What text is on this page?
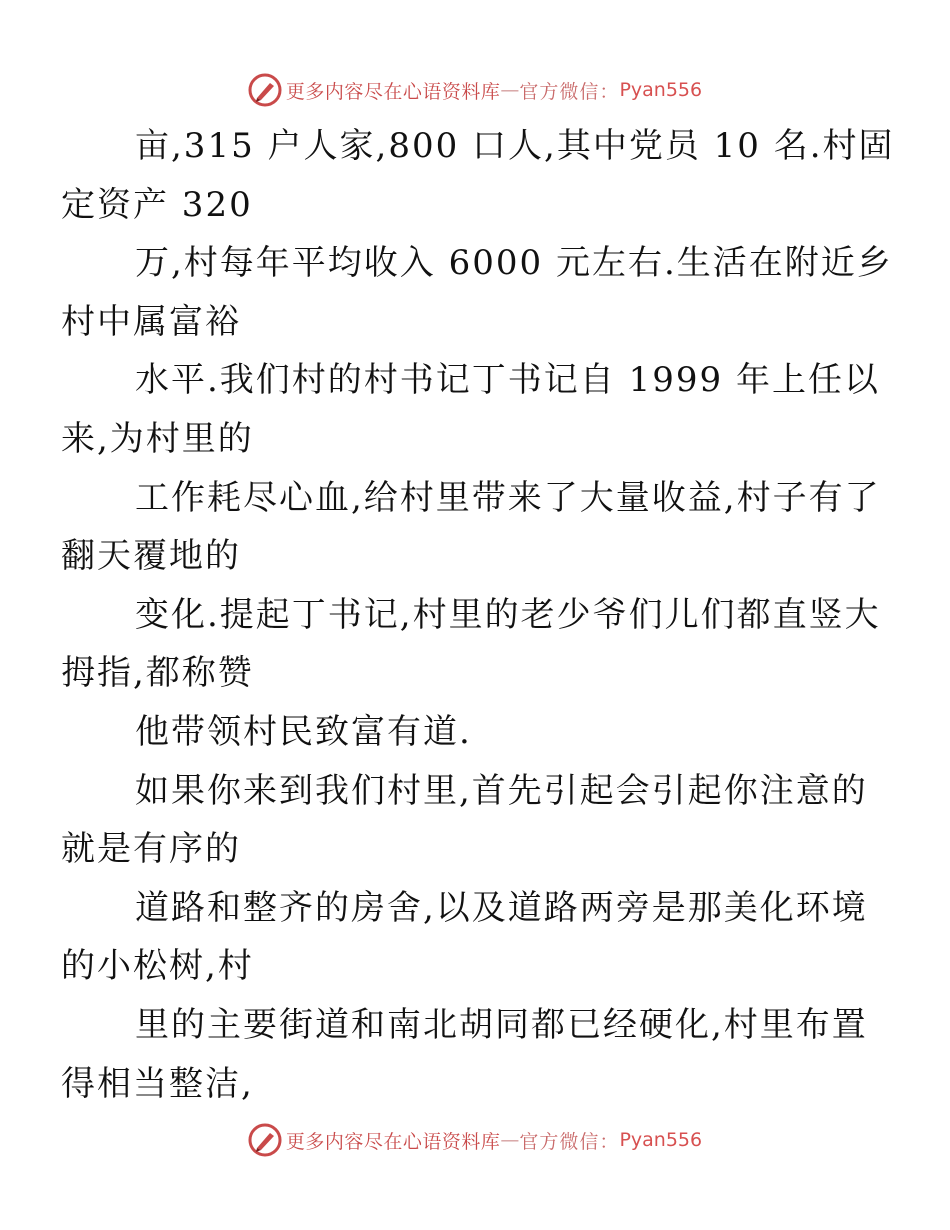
更多内容尽在心语资料库 — 官方微信： Pyan556

亩,315 户人家,800 口人,其中党员 10 名.村固
定资产 320

万,村每年平均收入 6000 元左右.生活在附近乡
村中属富裕

水平.我们村的村书记丁书记自 1999 年上任以
来,为村里的

工作耗尽心血,给村里带来了大量收益,村子有了
翻天覆地的

变化.提起丁书记,村里的老少爷们儿们都直竖大
拇指,都称赞

他带领村民致富有道.

如果你来到我们村里,首先引起会引起你注意的
就是有序的

道路和整齐的房舍,以及道路两旁是那美化环境
的小松树,村

里的主要街道和南北胡同都已经硬化,村里布置
得相当整洁,

更多内容尽在心语资料库 — 官方微信： Pyan556
